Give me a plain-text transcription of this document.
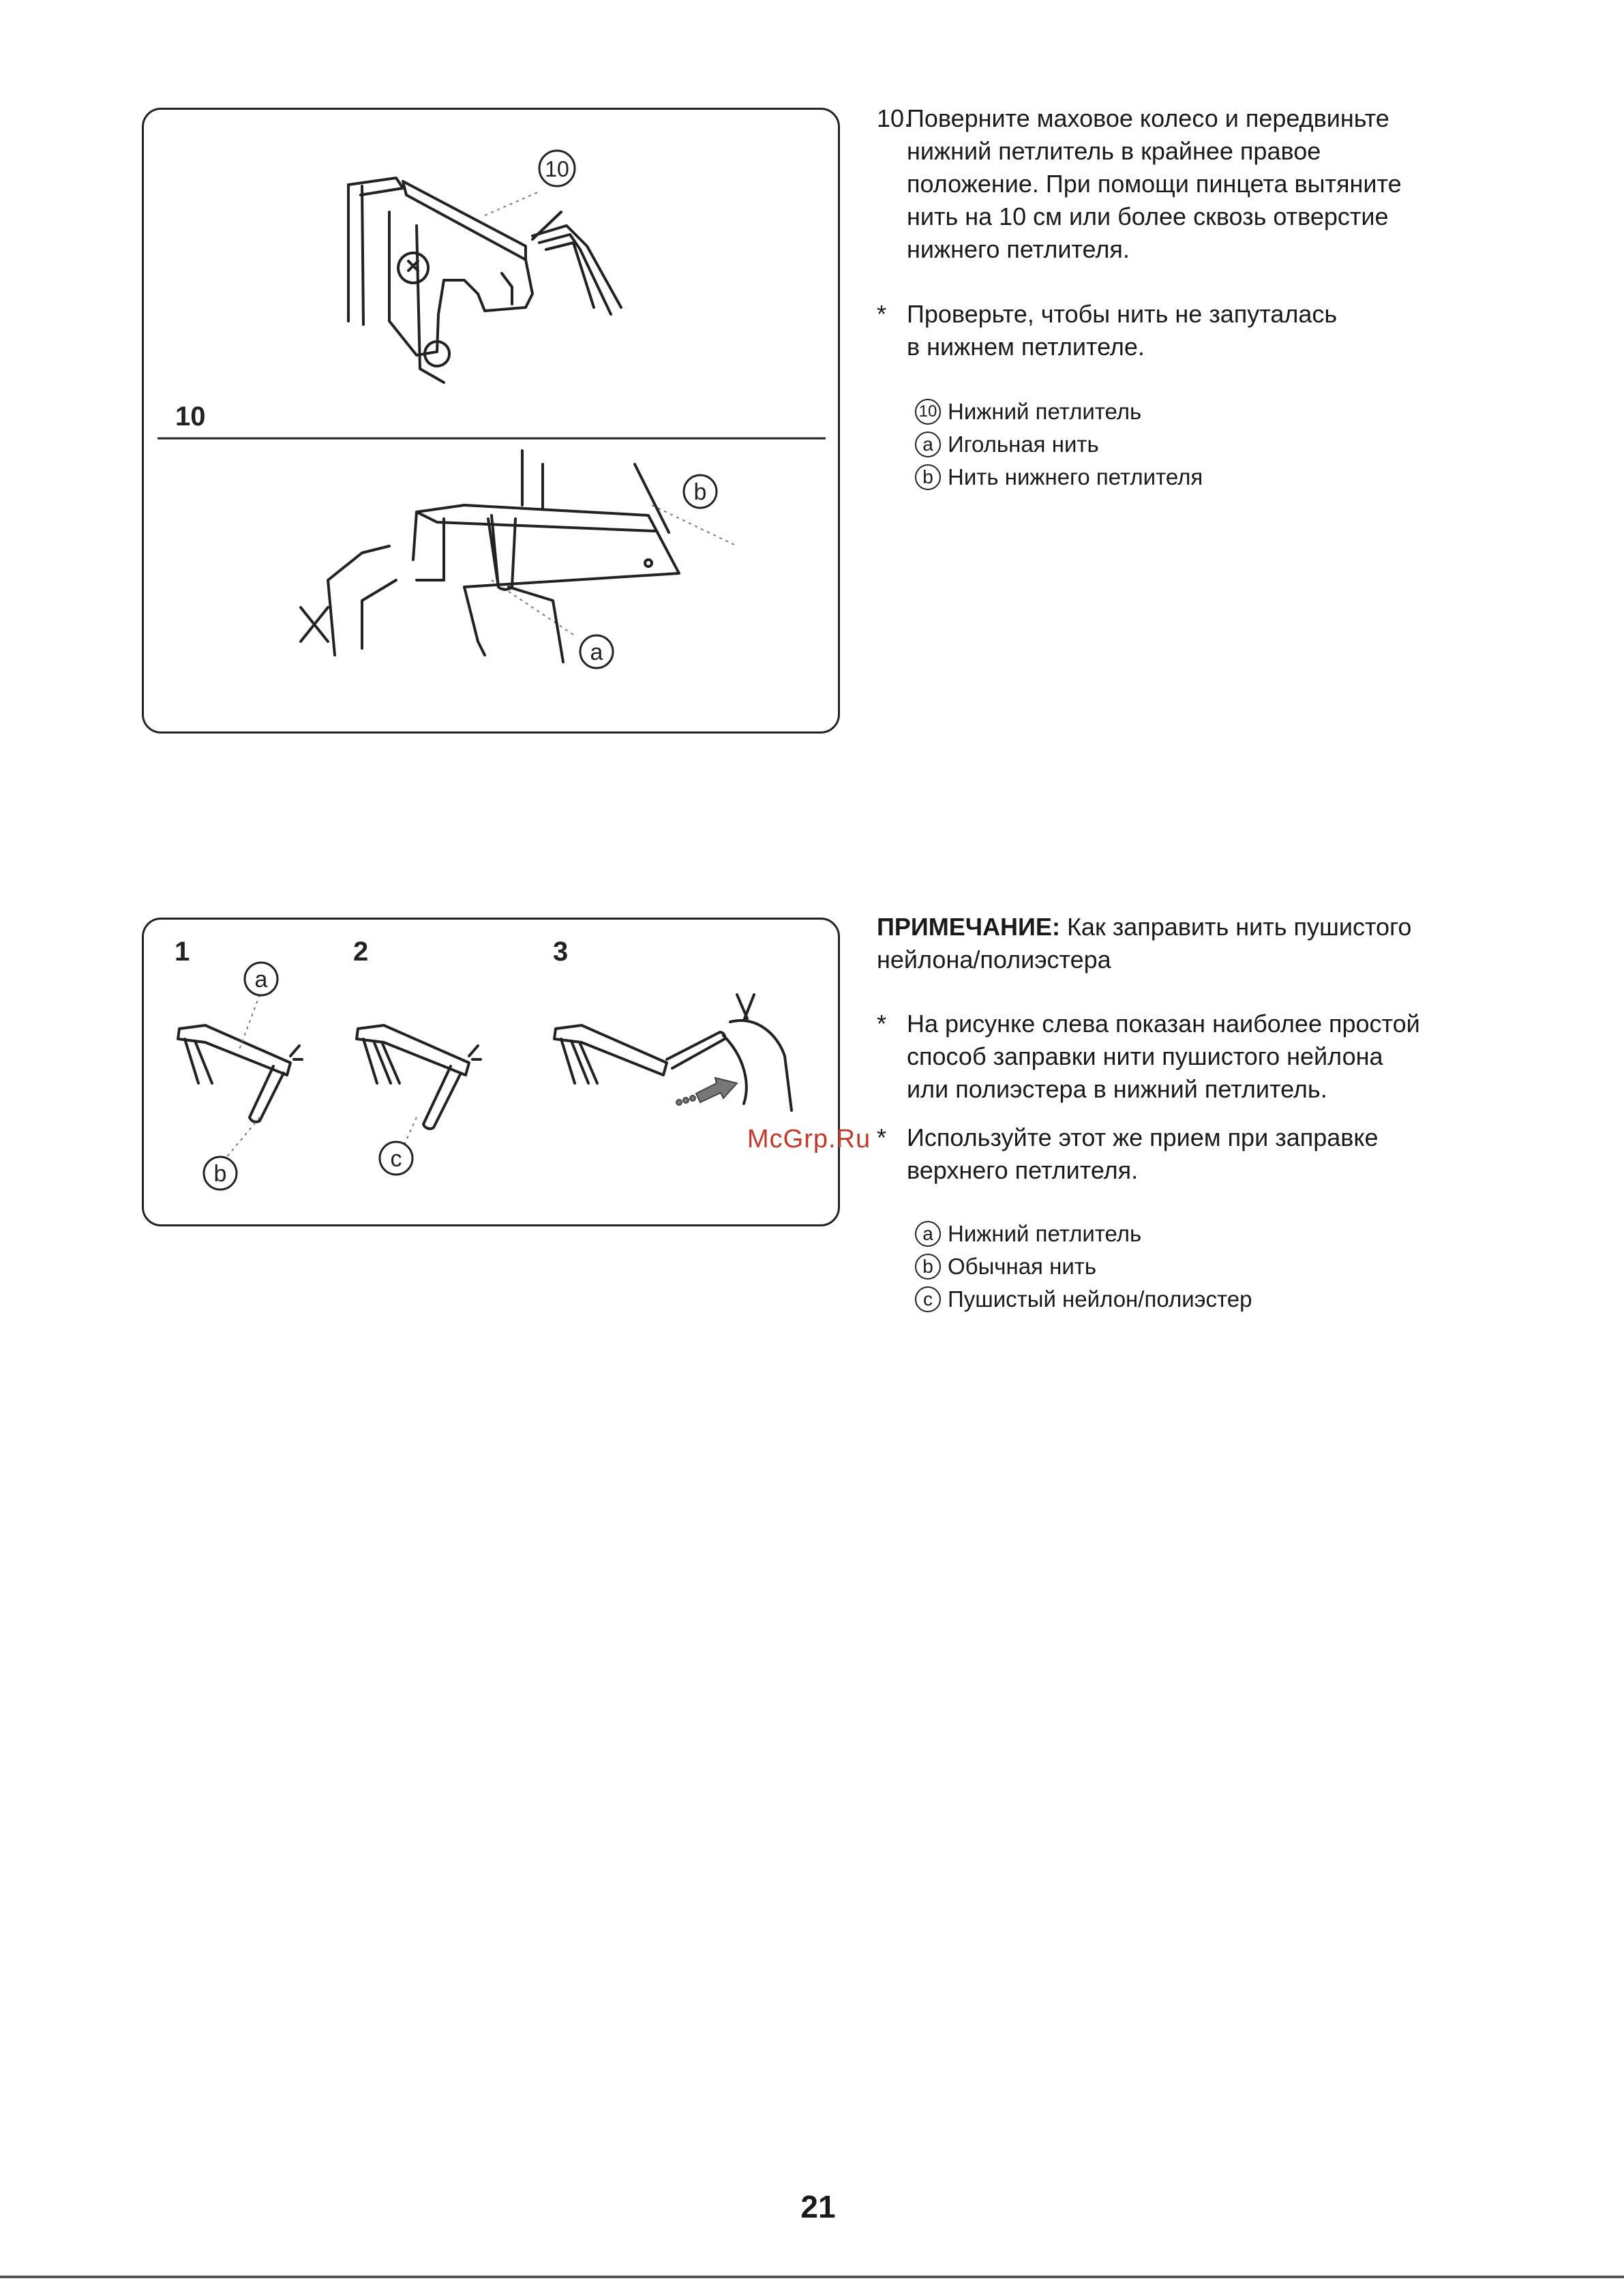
10
b
a
10
10.
Поверните маховое колесо и передвиньте
нижний петлитель в крайнее правое
положение. При помощи пинцета вытяните
нить на 10 см или более сквозь отверстие
нижнего петлителя.
* Проверьте, чтобы нить не запуталась
в нижнем петлителе.
10 Нижний петлитель
a Игольная нить
b Нить нижнего петлителя
1	2	3
a
b
c
ПРИМЕЧАНИЕ: Как заправить нить пушистого
нейлона/полиэстера
* На рисунке слева показан наиболее простой
способ заправки нити пушистого нейлона
или полиэстера в нижний петлитель.
* Используйте этот же прием при заправке
верхнего петлителя.
a Нижний петлитель
b Обычная нить
c Пушистый нейлон/полиэстер
McGrp.Ru
21
